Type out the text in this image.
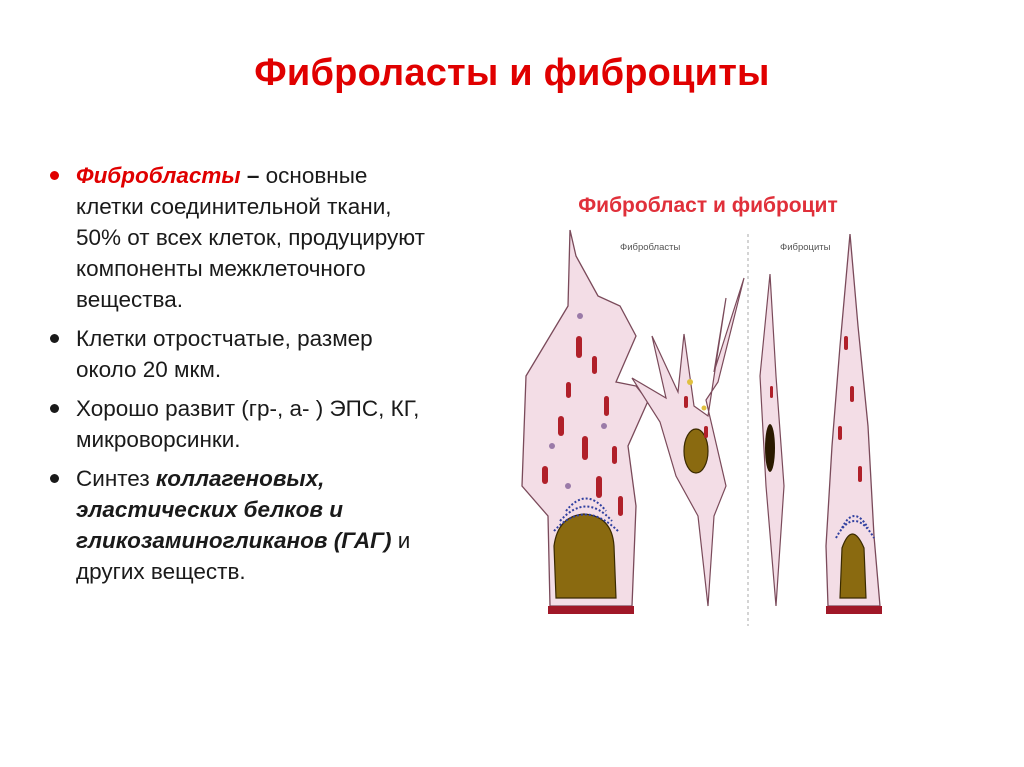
Фиброласты и фиброциты
Фибробласты – основные клетки соединительной ткани, 50% от всех клеток, продуцируют компоненты межклеточного вещества.
Клетки отростчатые, размер около 20 мкм.
Хорошо развит (гр-, а- ) ЭПС, КГ, микроворсинки.
Синтез коллагеновых, эластических белков и гликозаминогликанов (ГАГ) и других веществ.
Фибробласт и фиброцит
Фибробласты	Фиброциты
